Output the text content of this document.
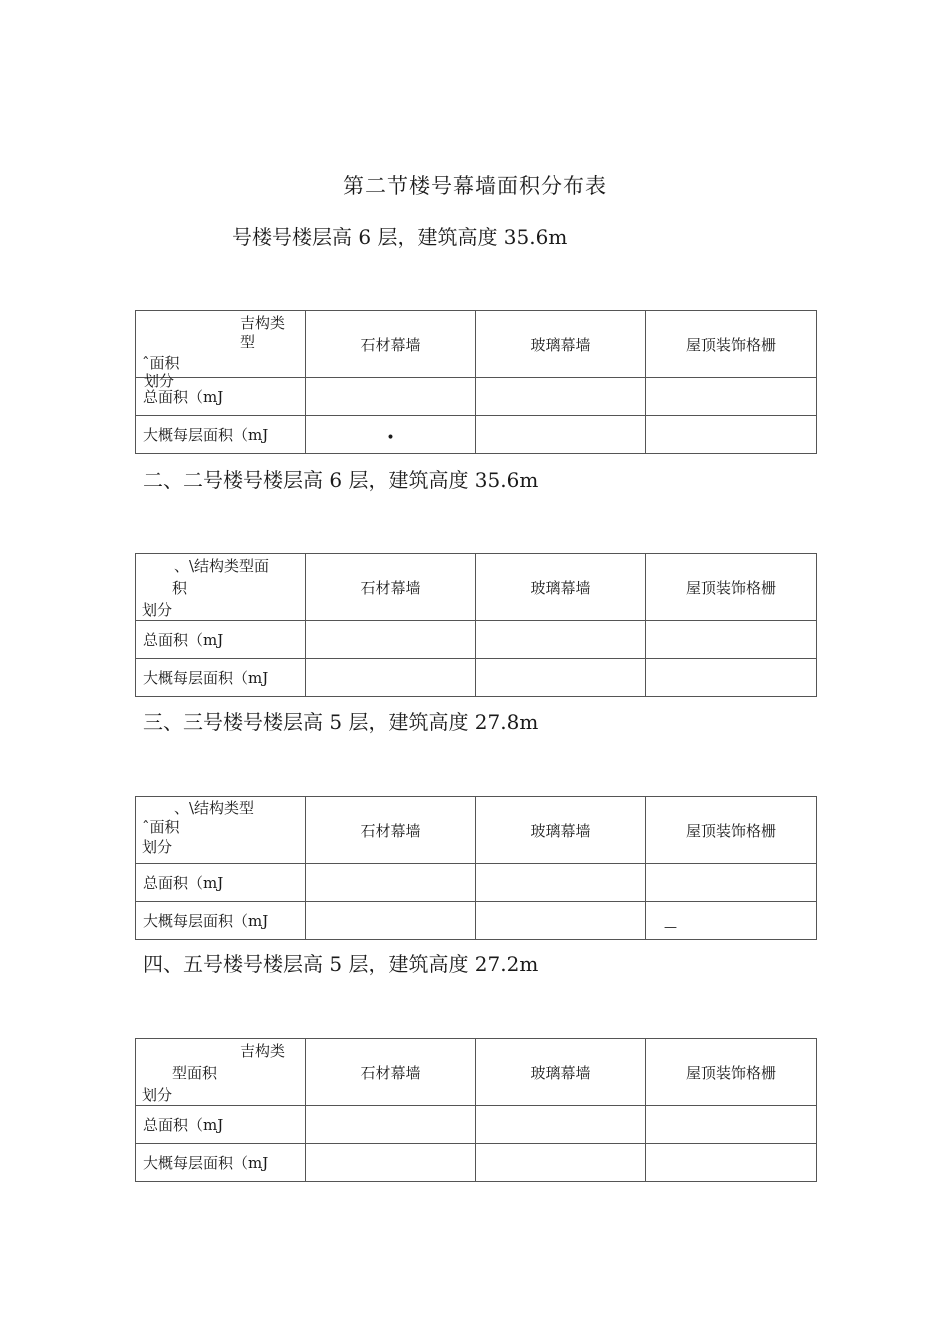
第二节楼号幕墙面积分布表
号楼号楼层高 6 层，建筑高度 35.6m
吉构类
型
ˆ面积
划分	石材幕墙	玻璃幕墙	屋顶装饰格栅
总面积（mJ			
大概每层面积（mJ	•		

二、二号楼号楼层高 6 层，建筑高度 35.6m
、\结构类型面
积
划分	石材幕墙	玻璃幕墙	屋顶装饰格栅
总面积（mJ			
大概每层面积（mJ			
三、三号楼号楼层高 5 层，建筑高度 27.8m
、\结构类型
ˆ面积
划分	石材幕墙	玻璃幕墙	屋顶装饰格栅
总面积（mJ			
大概每层面积（mJ			—
四、五号楼号楼层高 5 层，建筑高度 27.2m
吉构类
型面积
划分	石材幕墙	玻璃幕墙	屋顶装饰格栅
总面积（mJ			
大概每层面积（mJ			
